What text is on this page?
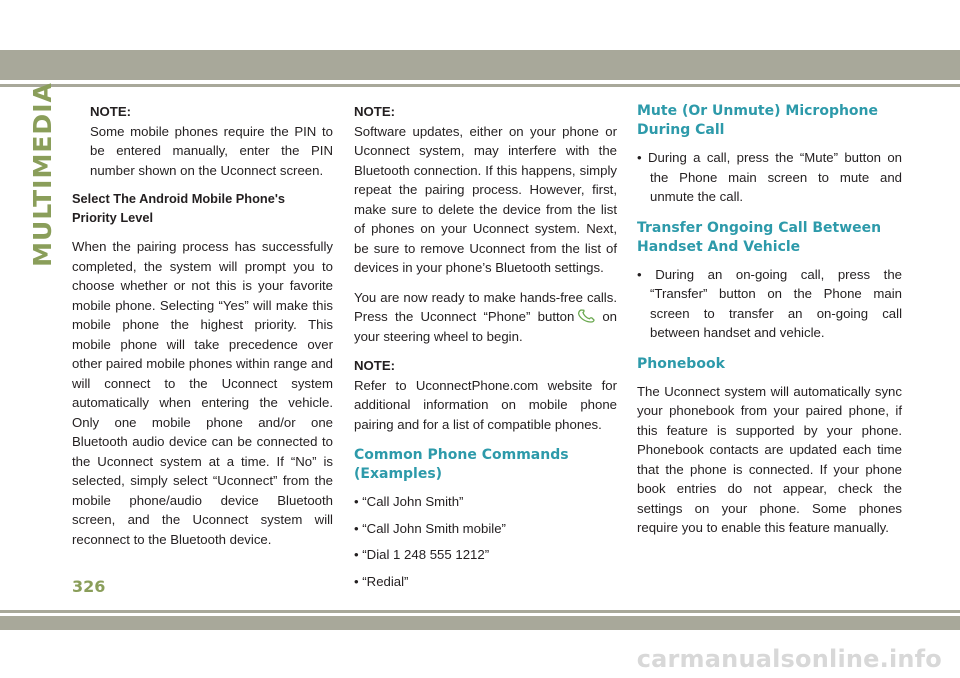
MULTIMEDIA	NOTE:

Some mobile phones require the PIN to be entered manually, enter the PIN number shown on the Uconnect screen.

Select The Android Mobile Phone's Priority Level

When the pairing process has successfully completed, the system will prompt you to choose whether or not this is your favorite mobile phone. Selecting “Yes” will make this mobile phone the highest priority. This mobile phone will take precedence over other paired mobile phones within range and will connect to the Uconnect system automatically when entering the vehicle. Only one mobile phone and/or one Bluetooth audio device can be connected to the Uconnect system at a time. If “No” is selected, simply select “Uconnect” from the mobile phone/audio device Bluetooth screen, and the Uconnect system will reconnect to the Bluetooth device.

NOTE:

Software updates, either on your phone or Uconnect system, may interfere with the Bluetooth connection. If this happens, simply repeat the pairing process. However, first, make sure to delete the device from the list of phones on your Uconnect system. Next, be sure to remove Uconnect from the list of devices in your phone’s Bluetooth settings.

You are now ready to make hands-free calls. Press the Uconnect “Phone” button on your steering wheel to begin.

NOTE:

Refer to UconnectPhone.com website for additional information on mobile phone pairing and for a list of compatible phones.

Common Phone Commands (Examples)

• “Call John Smith”

• “Call John Smith mobile”

• “Dial 1 248 555 1212”

• “Redial”

Mute (Or Unmute) Microphone During Call

• During a call, press the “Mute” button on the Phone main screen to mute and unmute the call.

Transfer Ongoing Call Between Handset And Vehicle

• During an on-going call, press the “Transfer” button on the Phone main screen to transfer an on-going call between handset and vehicle.

Phonebook

The Uconnect system will automatically sync your phonebook from your paired phone, if this feature is supported by your phone. Phonebook contacts are updated each time that the phone is connected. If your phone book entries do not appear, check the settings on your phone. Some phones require you to enable this feature manually.

326
carmanualsonline.info
